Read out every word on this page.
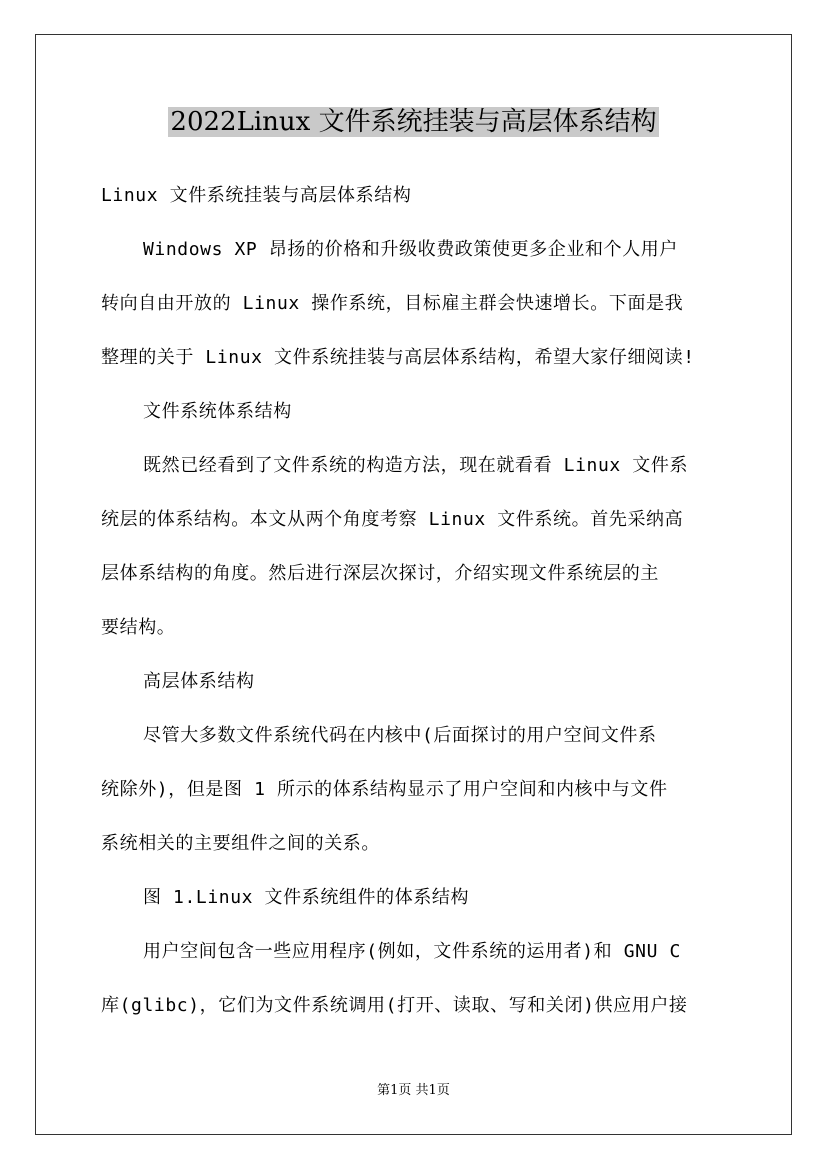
2022Linux 文件系统挂装与高层体系结构
Linux 文件系统挂装与高层体系结构
Windows XP 昂扬的价格和升级收费政策使更多企业和个人用户
转向自由开放的 Linux 操作系统，目标雇主群会快速增长。下面是我
整理的关于 Linux 文件系统挂装与高层体系结构，希望大家仔细阅读!
文件系统体系结构
既然已经看到了文件系统的构造方法，现在就看看 Linux 文件系
统层的体系结构。本文从两个角度考察 Linux 文件系统。首先采纳高
层体系结构的角度。然后进行深层次探讨，介绍实现文件系统层的主
要结构。
高层体系结构
尽管大多数文件系统代码在内核中(后面探讨的用户空间文件系
统除外)，但是图 1 所示的体系结构显示了用户空间和内核中与文件
系统相关的主要组件之间的关系。
图 1.Linux 文件系统组件的体系结构
用户空间包含一些应用程序(例如，文件系统的运用者)和 GNU C
库(glibc)，它们为文件系统调用(打开、读取、写和关闭)供应用户接
第1页 共1页
